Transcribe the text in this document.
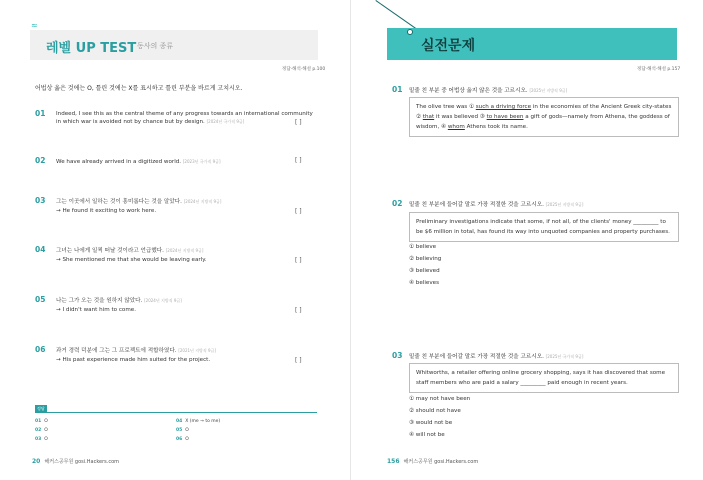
≈
레벨 UP TEST 동사의 종류
정답·해석·해설 p.100
어법상 옳은 것에는 O, 틀린 것에는 X를 표시하고 틀린 부분을 바르게 고치시오.
01 Indeed, I see this as the central theme of any progress towards an international community
in which war is avoided not by chance but by design. [2024년 국가직 9급]	[ ]
02 We have already arrived in a digitized world. [2023년 국가직 9급]	[ ]
03 그는 이곳에서 일하는 것이 흥미롭다는 것을 알았다. [2024년 지방직 9급]
→ He found it exciting to work here.	[ ]
04 그녀는 나에게 일찍 떠날 것이라고 언급했다. [2024년 지방직 9급]
→ She mentioned me that she would be leaving early.	[ ]
05 나는 그가 오는 것을 원하지 않았다. [2024년 지방직 9급]
→ I didn't want him to come.	[ ]
06 과거 경력 덕분에 그는 그 프로젝트에 적합하였다. [2021년 지방직 9급]
→ His past experience made him suited for the project.	[ ]
정답
01 O
02 O
03 O
04 X (me → to me)
05 O
06 O
20 해커스공무원 gosi.Hackers.com
실전문제
정답·해석·해설 p.157
01 밑줄 친 부분 중 어법상 옳지 않은 것을 고르시오. [2025년 지방직 9급]
The olive tree was ① such a driving force in the economies of the Ancient Greek city-states
② that it was believed ③ to have been a gift of gods—namely from Athena, the goddess of
wisdom, ④ whom Athens took its name.
02 밑줄 친 부분에 들어갈 말로 가장 적절한 것을 고르시오. [2025년 지방직 9급]
Preliminary investigations indicate that some, if not all, of the clients' money _________ to
be $6 million in total, has found its way into unquoted companies and property purchases.
① believe
② believing
③ believed
④ believes
03 밑줄 친 부분에 들어갈 말로 가장 적절한 것을 고르시오. [2025년 국가직 9급]
Whitworths, a retailer offering online grocery shopping, says it has discovered that some
staff members who are paid a salary _________ paid enough in recent years.
① may not have been
② should not have
③ would not be
④ will not be
156 해커스공무원 gosi.Hackers.com
